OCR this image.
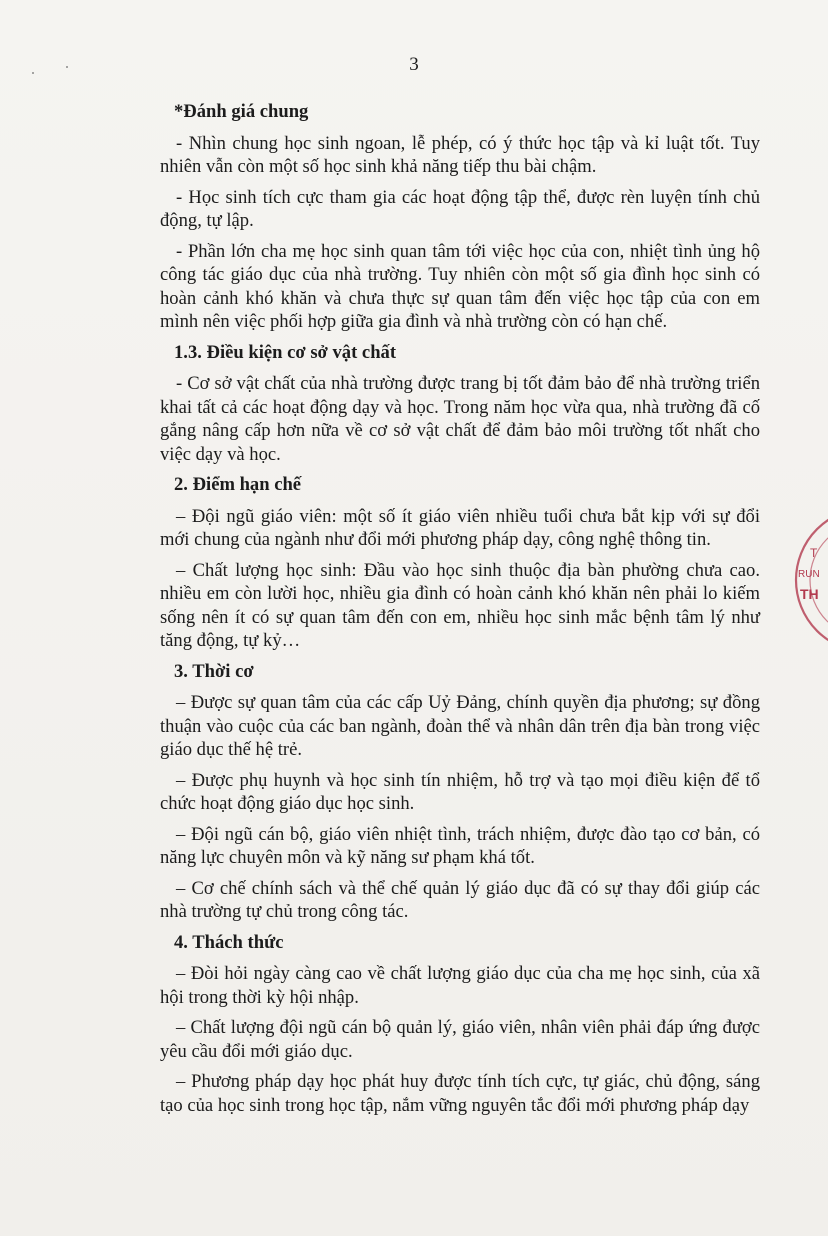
3
*Đánh giá chung

- Nhìn chung học sinh ngoan, lễ phép, có ý thức học tập và kỉ luật tốt. Tuy nhiên vẫn còn một số học sinh khả năng tiếp thu bài chậm.

- Học sinh tích cực tham gia các hoạt động tập thể, được rèn luyện tính chủ động, tự lập.

- Phần lớn cha mẹ học sinh quan tâm tới việc học của con, nhiệt tình ủng hộ công tác giáo dục của nhà trường. Tuy nhiên còn một số gia đình học sinh có hoàn cảnh khó khăn và chưa thực sự quan tâm đến việc học tập của con em mình nên việc phối hợp giữa gia đình và nhà trường còn có hạn chế.

1.3. Điều kiện cơ sở vật chất

- Cơ sở vật chất của nhà trường được trang bị tốt đảm bảo để nhà trường triển khai tất cả các hoạt động dạy và học. Trong năm học vừa qua, nhà trường đã cố gắng nâng cấp hơn nữa về cơ sở vật chất để đảm bảo môi trường tốt nhất cho việc dạy và học.

2. Điểm hạn chế

– Đội ngũ giáo viên: một số ít giáo viên nhiều tuổi chưa bắt kịp với sự đổi mới chung của ngành như đổi mới phương pháp dạy, công nghệ thông tin.

– Chất lượng học sinh: Đầu vào học sinh thuộc địa bàn phường chưa cao. nhiều em còn lười học, nhiều gia đình có hoàn cảnh khó khăn nên phải lo kiếm sống nên ít có sự quan tâm đến con em, nhiều học sinh mắc bệnh tâm lý như tăng động, tự kỷ…

3. Thời cơ

– Được sự quan tâm của các cấp Uỷ Đảng, chính quyền địa phương; sự đồng thuận vào cuộc của các ban ngành, đoàn thể và nhân dân trên địa bàn trong việc giáo dục thế hệ trẻ.

– Được phụ huynh và học sinh tín nhiệm, hỗ trợ và tạo mọi điều kiện để tổ chức hoạt động giáo dục học sinh.

– Đội ngũ cán bộ, giáo viên nhiệt tình, trách nhiệm, được đào tạo cơ bản, có năng lực chuyên môn và kỹ năng sư phạm khá tốt.

– Cơ chế chính sách và thể chế quản lý giáo dục đã có sự thay đổi giúp các nhà trường tự chủ trong công tác.

4. Thách thức

– Đòi hỏi ngày càng cao về chất lượng giáo dục của cha mẹ học sinh, của xã hội trong thời kỳ hội nhập.

– Chất lượng đội ngũ cán bộ quản lý, giáo viên, nhân viên phải đáp ứng được yêu cầu đổi mới giáo dục.

– Phương pháp dạy học phát huy được tính tích cực, tự giác, chủ động, sáng tạo của học sinh trong học tập, nắm vững nguyên tắc đổi mới phương pháp dạy

T
RUN
TH
